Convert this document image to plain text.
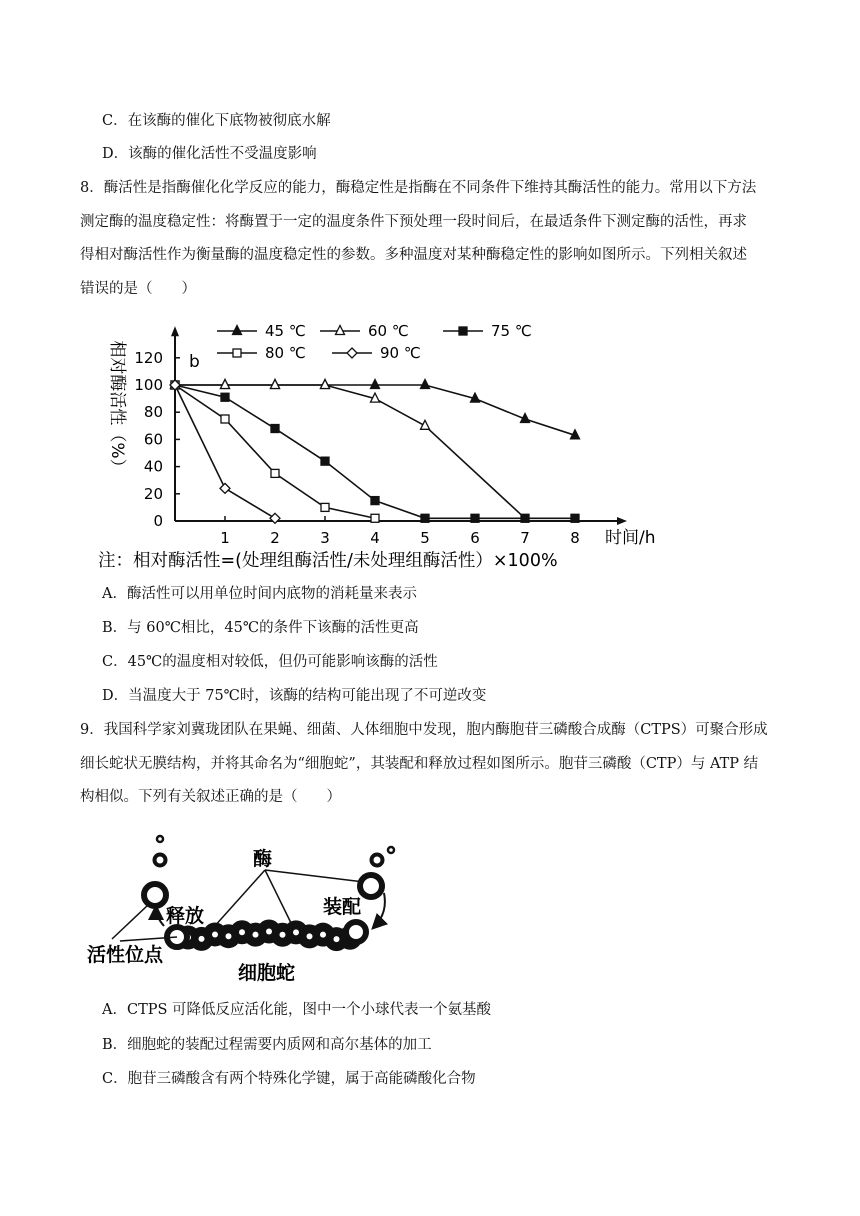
C．在该酶的催化下底物被彻底水解
D．该酶的催化活性不受温度影响
8．酶活性是指酶催化化学反应的能力，酶稳定性是指酶在不同条件下维持其酶活性的能力。常用以下方法
测定酶的温度稳定性：将酶置于一定的温度条件下预处理一段时间后，在最适条件下测定酶的活性，再求
得相对酶活性作为衡量酶的温度稳定性的参数。多种温度对某种酶稳定性的影响如图所示。下列相关叙述
错误的是（　　）
1	2	3	4	5	6	7	8
0
20
40
60
80
100
120
45 ℃	60 ℃	75 ℃
80 ℃	90 ℃
相对酶活性（%）
时间/h
b
注：相对酶活性=(处理组酶活性/未处理组酶活性）×100%
A．酶活性可以用单位时间内底物的消耗量来表示
B．与 60℃相比，45℃的条件下该酶的活性更高
C．45℃的温度相对较低，但仍可能影响该酶的活性
D．当温度大于 75℃时，该酶的结构可能出现了不可逆改变
9．我国科学家刘冀珑团队在果蝇、细菌、人体细胞中发现，胞内酶胞苷三磷酸合成酶（CTPS）可聚合形成
细长蛇状无膜结构，并将其命名为“细胞蛇”，其装配和释放过程如图所示。胞苷三磷酸（CTP）与 ATP 结
构相似。下列有关叙述正确的是（　　）
酶
释放	装配
活性位点
细胞蛇
A．CTPS 可降低反应活化能，图中一个小球代表一个氨基酸
B．细胞蛇的装配过程需要内质网和高尔基体的加工
C．胞苷三磷酸含有两个特殊化学键，属于高能磷酸化合物
